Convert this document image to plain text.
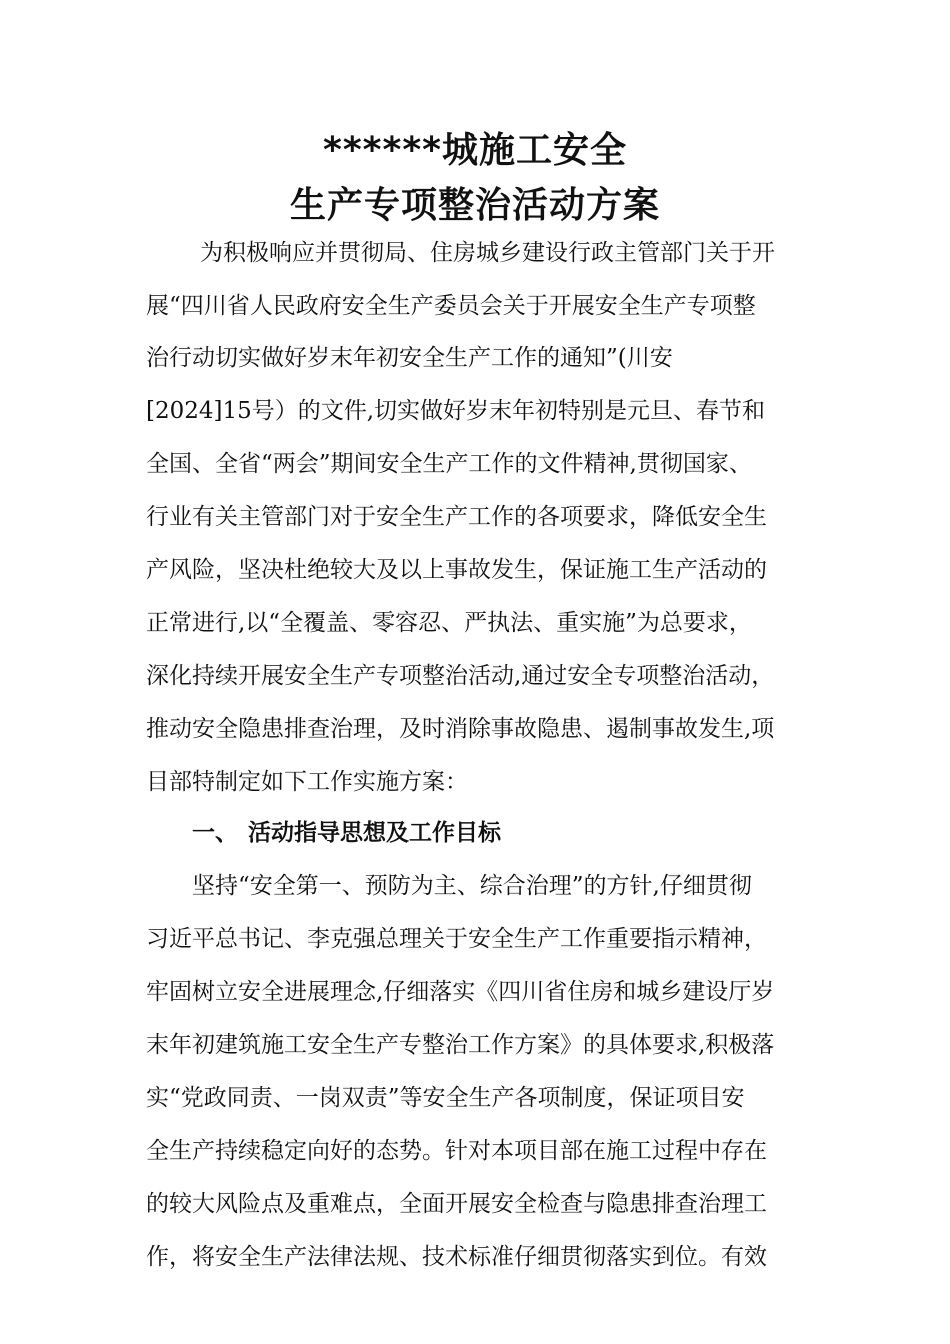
******城施工安全
生产专项整治活动方案
为积极响应并贯彻局、住房城乡建设行政主管部门关于开
展“四川省人民政府安全生产委员会关于开展安全生产专项整
治行动切实做好岁末年初安全生产工作的通知”(川安
[2024]15号）的文件,切实做好岁末年初特别是元旦、春节和
全国、全省“两会”期间安全生产工作的文件精神,贯彻国家、
行业有关主管部门对于安全生产工作的各项要求，降低安全生
产风险，坚决杜绝较大及以上事故发生，保证施工生产活动的
正常进行,以“全覆盖、零容忍、严执法、重实施”为总要求，
深化持续开展安全生产专项整治活动,通过安全专项整治活动，
推动安全隐患排查治理，及时消除事故隐患、遏制事故发生,项
目部特制定如下工作实施方案：
一、 活动指导思想及工作目标
坚持“安全第一、预防为主、综合治理”的方针,仔细贯彻
习近平总书记、李克强总理关于安全生产工作重要指示精神，
牢固树立安全进展理念,仔细落实《四川省住房和城乡建设厅岁
末年初建筑施工安全生产专整治工作方案》的具体要求,积极落
实“党政同责、一岗双责”等安全生产各项制度，保证项目安
全生产持续稳定向好的态势。针对本项目部在施工过程中存在
的较大风险点及重难点，全面开展安全检查与隐患排查治理工
作，将安全生产法律法规、技术标准仔细贯彻落实到位。有效
